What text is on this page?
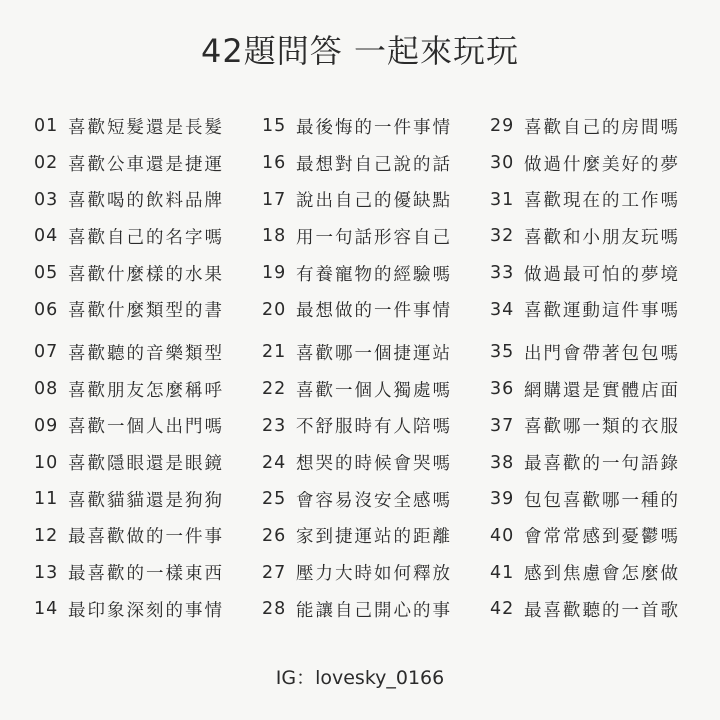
42題問答 一起來玩玩
01 喜歡短髮還是長髮
02 喜歡公車還是捷運
03 喜歡喝的飲料品牌
04 喜歡自己的名字嗎
05 喜歡什麼樣的水果
06 喜歡什麼類型的書
07 喜歡聽的音樂類型
08 喜歡朋友怎麼稱呼
09 喜歡一個人出門嗎
10 喜歡隱眼還是眼鏡
11 喜歡貓貓還是狗狗
12 最喜歡做的一件事
13 最喜歡的一樣東西
14 最印象深刻的事情
15 最後悔的一件事情
16 最想對自己說的話
17 說出自己的優缺點
18 用一句話形容自己
19 有養寵物的經驗嗎
20 最想做的一件事情
21 喜歡哪一個捷運站
22 喜歡一個人獨處嗎
23 不舒服時有人陪嗎
24 想哭的時候會哭嗎
25 會容易沒安全感嗎
26 家到捷運站的距離
27 壓力大時如何釋放
28 能讓自己開心的事
29 喜歡自己的房間嗎
30 做過什麼美好的夢
31 喜歡現在的工作嗎
32 喜歡和小朋友玩嗎
33 做過最可怕的夢境
34 喜歡運動這件事嗎
35 出門會帶著包包嗎
36 網購還是實體店面
37 喜歡哪一類的衣服
38 最喜歡的一句語錄
39 包包喜歡哪一種的
40 會常常感到憂鬱嗎
41 感到焦慮會怎麼做
42 最喜歡聽的一首歌
IG：lovesky_0166
